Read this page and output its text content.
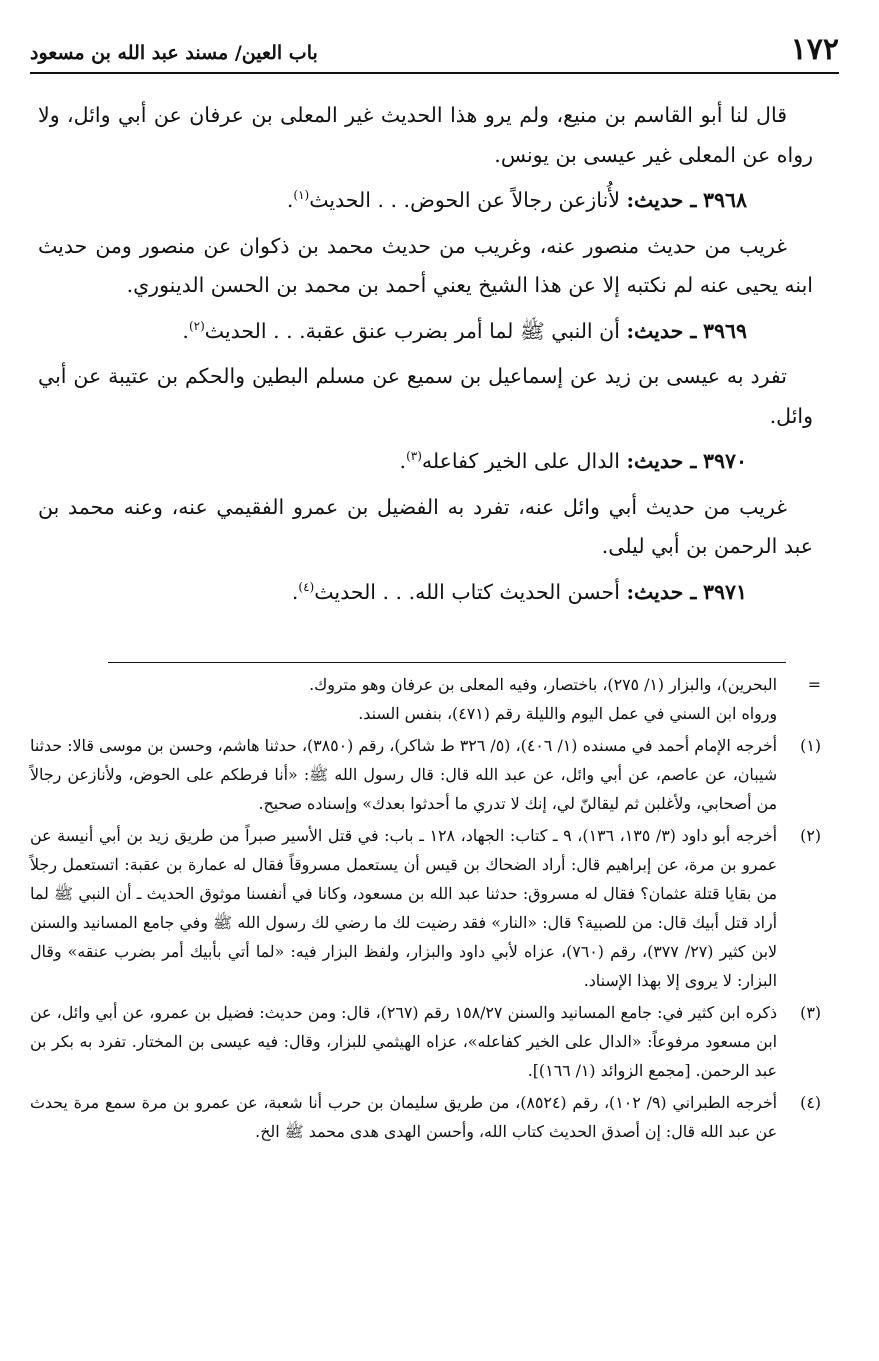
باب العين/ مسند عبد الله بن مسعود	١٧٢

قال لنا أبو القاسم بن منيع، ولم يرو هذا الحديث غير المعلى بن عرفان عن أبي وائل، ولا رواه عن المعلى غير عيسى بن يونس.

٣٩٦٨ ـ حديث: لأُنازعن رجالاً عن الحوض. . . الحديث$^{(١)}$.

غريب من حديث منصور عنه، وغريب من حديث محمد بن ذكوان عن منصور ومن حديث ابنه يحيى عنه لم نكتبه إلا عن هذا الشيخ يعني أحمد بن محمد بن الحسن الدينوري.

٣٩٦٩ ـ حديث: أن النبي ﷺ لما أمر بضرب عنق عقبة. . . الحديث$^{(٢)}$.

تفرد به عيسى بن زيد عن إسماعيل بن سميع عن مسلم البطين والحكم بن عتيبة عن أبي وائل.

٣٩٧٠ ـ حديث: الدال على الخير كفاعله$^{(٣)}$.

غريب من حديث أبي وائل عنه، تفرد به الفضيل بن عمرو الفقيمي عنه، وعنه محمد بن عبد الرحمن بن أبي ليلى.

٣٩٧١ ـ حديث: أحسن الحديث كتاب الله. . . الحديث$^{(٤)}$.

=

البحرين)، والبزار (١/ ٢٧٥)، باختصار، وفيه المعلى بن عرفان وهو متروك.

ورواه ابن السني في عمل اليوم والليلة رقم (٤٧١)، بنفس السند.

(١)

أخرجه الإمام أحمد في مسنده (١/ ٤٠٦)، (٥/ ٣٢٦ ط شاكر)، رقم (٣٨٥٠)، حدثنا هاشم، وحسن بن موسى قالا: حدثنا شيبان، عن عاصم، عن أبي وائل، عن عبد الله قال: قال رسول الله ﷺ: «أنا فرطكم على الحوض، ولأنازعن رجالاً من أصحابي، ولأغلبن ثم ليقالنّ لي، إنك لا تدري ما أحدثوا بعدك» وإسناده صحيح.

(٢)

أخرجه أبو داود (٣/ ١٣٥، ١٣٦)، ٩ ـ كتاب: الجهاد، ١٢٨ ـ باب: في قتل الأسير صبراً من طريق زيد بن أبي أنيسة عن عمرو بن مرة، عن إبراهيم قال: أراد الضحاك بن قيس أن يستعمل مسروقاً فقال له عمارة بن عقبة: اتستعمل رجلاً من بقايا قتلة عثمان؟ فقال له مسروق: حدثنا عبد الله بن مسعود، وكانا في أنفسنا موثوق الحديث ـ أن النبي ﷺ لما أراد قتل أبيك قال: من للصبية؟ قال: «النار» فقد رضيت لك ما رضي لك رسول الله ﷺ وفي جامع المسانيد والسنن لابن كثير (٢٧/ ٣٧٧)، رقم (٧٦٠)، عزاه لأبي داود والبزار، ولفظ البزار فيه: «لما أتي بأبيك أمر بضرب عنقه» وقال البزار: لا يروى إلا بهذا الإسناد.

(٣)

ذكره ابن كثير في: جامع المسانيد والسنن ١٥٨/٢٧ رقم (٢٦٧)، قال: ومن حديث: فضيل بن عمرو، عن أبي وائل، عن ابن مسعود مرفوعاً: «الدال على الخير كفاعله»، عزاه الهيثمي للبزار، وقال: فيه عيسى بن المختار. تفرد به بكر بن عبد الرحمن. [مجمع الزوائد (١/ ١٦٦)].

(٤)

أخرجه الطبراني (٩/ ١٠٢)، رقم (٨٥٢٤)، من طريق سليمان بن حرب أنا شعبة، عن عمرو بن مرة سمع مرة يحدث عن عبد الله قال: إن أصدق الحديث كتاب الله، وأحسن الهدى هدى محمد ﷺ الخ.
